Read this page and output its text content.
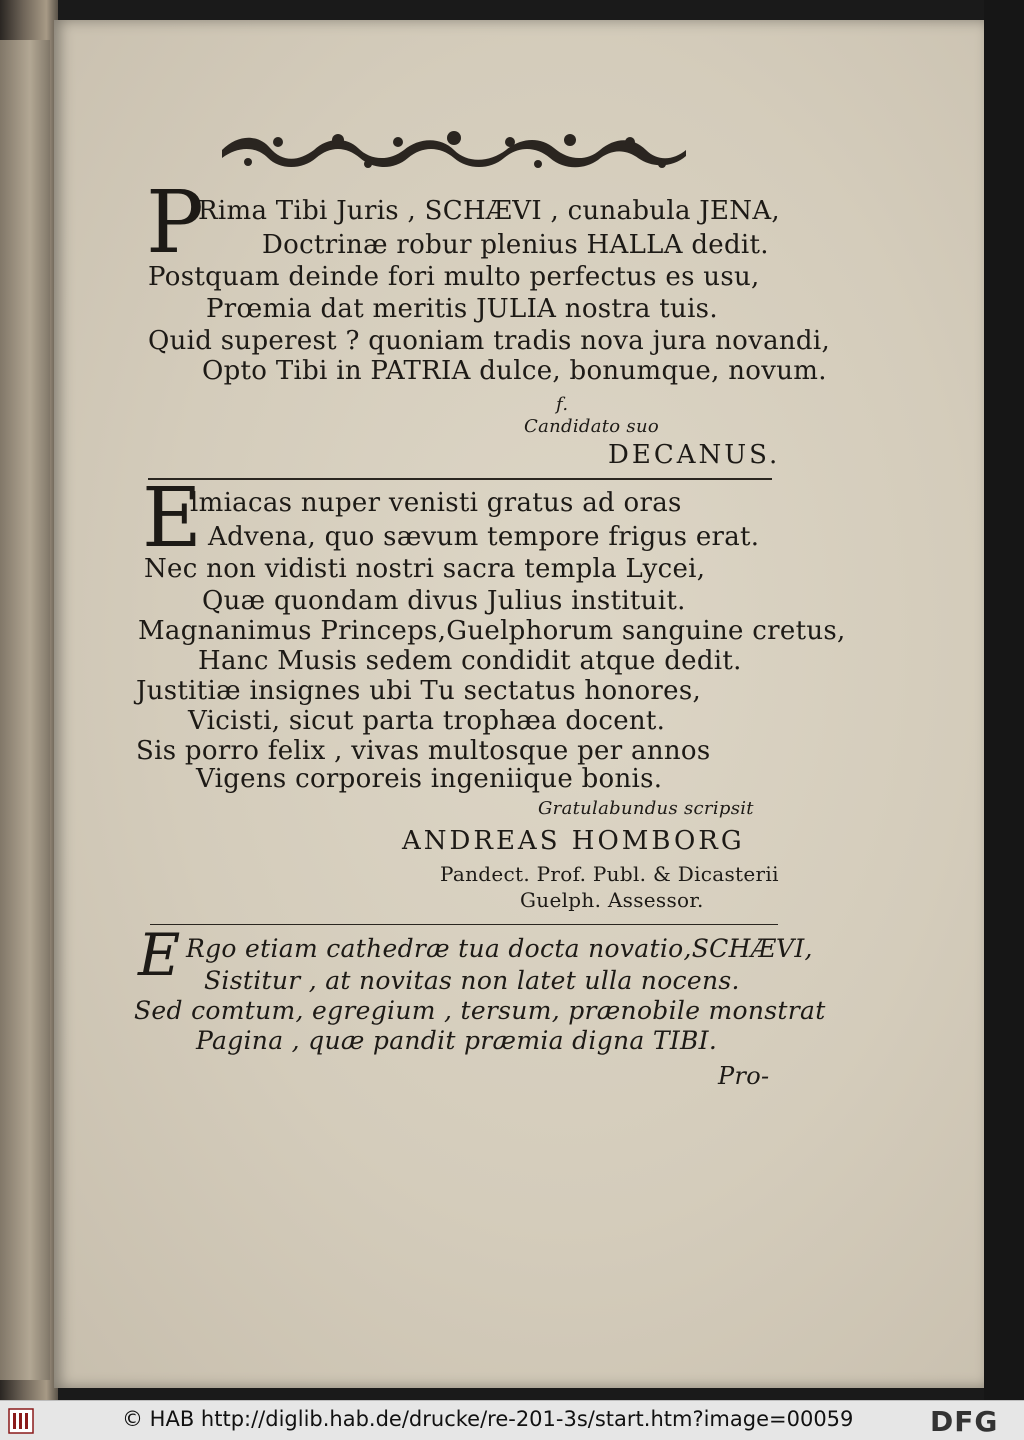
P
Rima Tibi Juris , SCHÆVI , cunabula JENA,
Doctrinæ robur plenius HALLA dedit.
Postquam deinde fori multo perfectus es usu,
Prœmia dat meritis JULIA nostra tuis.
Quid superest ? quoniam tradis nova jura novandi,
Opto Tibi in PATRIA dulce, bonumque, novum.
f.
Candidato suo
DECANUS.
E
lmiacas nuper venisti gratus ad oras
Advena, quo sævum tempore frigus erat.
Nec non vidisti nostri sacra templa Lycei,
Quæ quondam divus Julius instituit.
Magnanimus Princeps,Guelphorum sanguine cretus,
Hanc Musis sedem condidit atque dedit.
Justitiæ insignes ubi Tu sectatus honores,
Vicisti, sicut parta trophæa docent.
Sis porro felix , vivas multosque per annos
Vigens corporeis ingeniique bonis.
Gratulabundus scripsit
ANDREAS HOMBORG
Pandect. Prof. Publ. & Dicasterii
Guelph. Assessor.
E Rgo etiam cathedræ tua docta novatio,SCHÆVI,
Sistitur , at novitas non latet ulla nocens.
Sed comtum, egregium , tersum, prænobile monstrat
Pagina , quæ pandit præmia digna TIBI.
Pro-
© HAB http://diglib.hab.de/drucke/re-201-3s/start.htm?image=00059	DFG
